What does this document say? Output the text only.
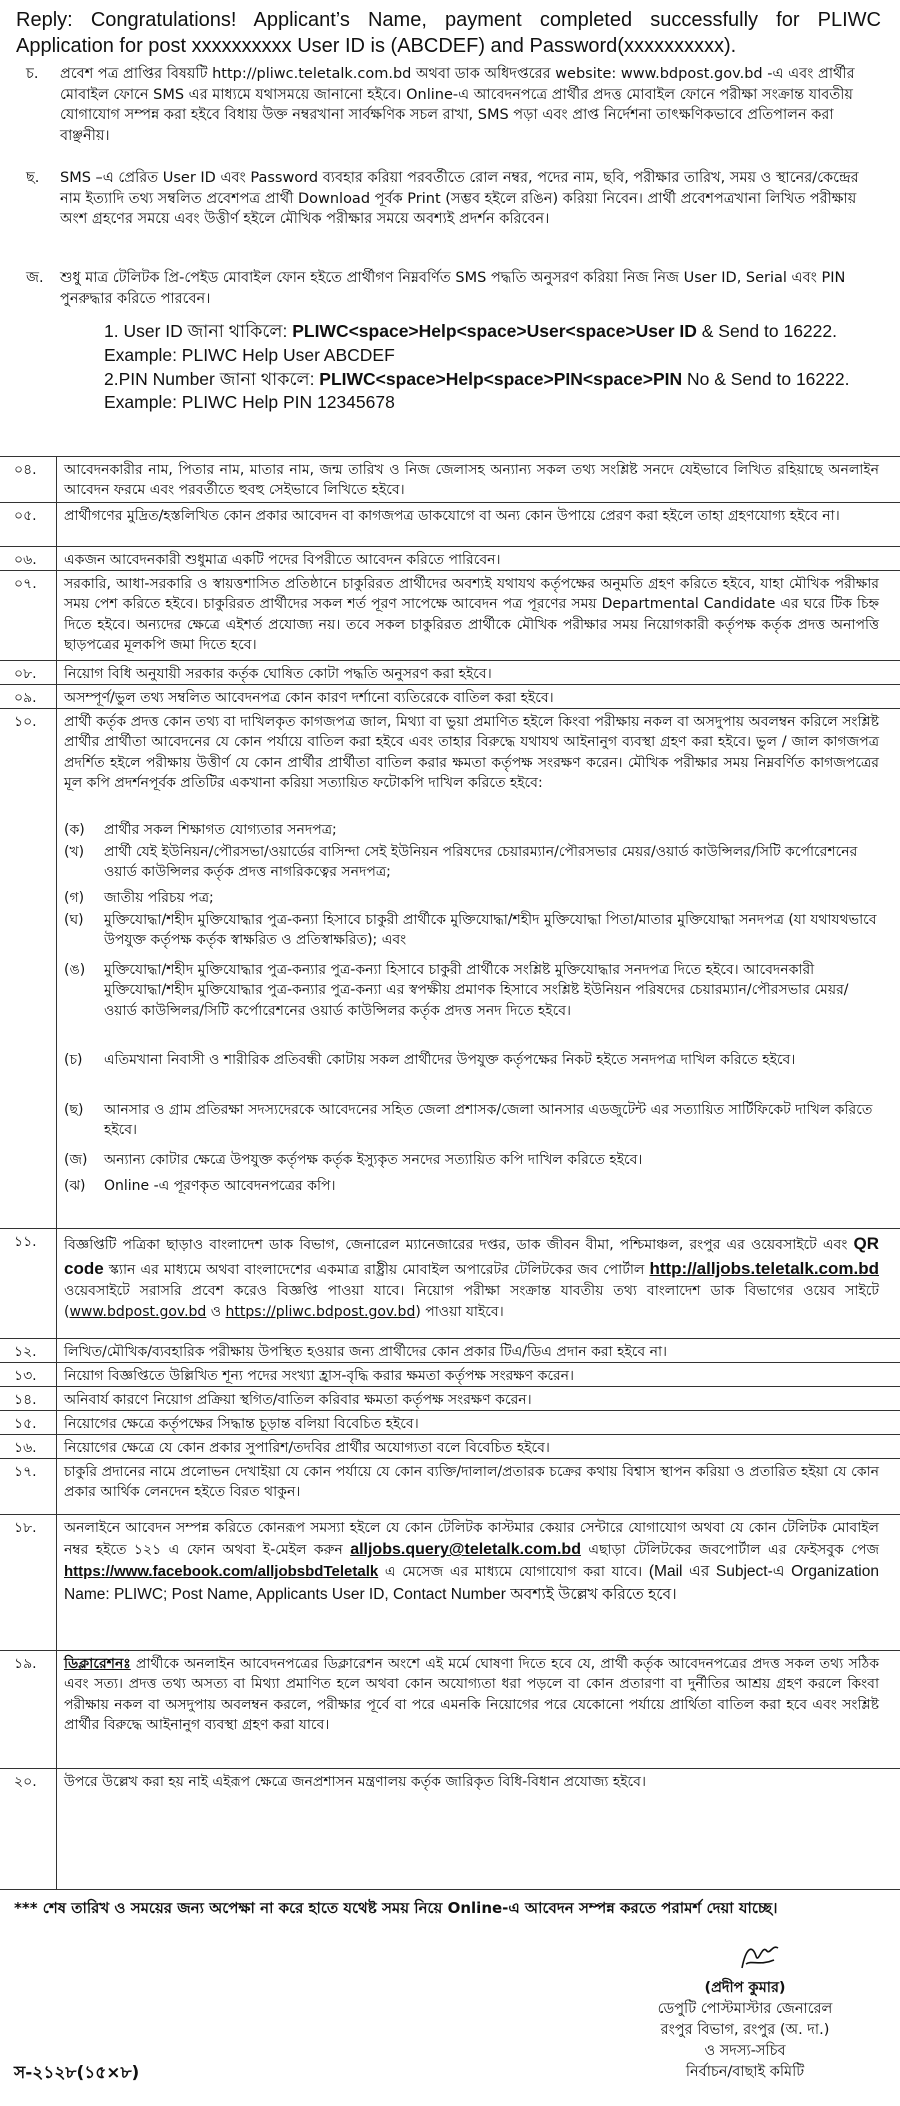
Reply: Congratulations! Applicant’s Name, payment completed successfully for PLIWC Application for post xxxxxxxxxx User ID is (ABCDEF) and Password(xxxxxxxxxx).
চ. প্রবেশ পত্র প্রাপ্তির বিষয়টি http://pliwc.teletalk.com.bd অথবা ডাক অধিদপ্তরের website: www.bdpost.gov.bd -এ এবং প্রার্থীর মোবাইল ফোনে SMS এর মাধ্যমে যথাসময়ে জানানো হইবে। Online-এ আবেদনপত্রে প্রার্থীর প্রদত্ত মোবাইল ফোনে পরীক্ষা সংক্রান্ত যাবতীয় যোগাযোগ সম্পন্ন করা হইবে বিধায় উক্ত নম্বরখানা সার্বক্ষণিক সচল রাখা, SMS পড়া এবং প্রাপ্ত নির্দেশনা তাৎক্ষণিকভাবে প্রতিপালন করা বাঞ্ছনীয়।
ছ. SMS –এ প্রেরিত User ID এবং Password ব্যবহার করিয়া পরবর্তীতে রোল নম্বর, পদের নাম, ছবি, পরীক্ষার তারিখ, সময় ও স্থানের/কেন্দ্রের নাম ইত্যাদি তথ্য সম্বলিত প্রবেশপত্র প্রার্থী Download পূর্বক Print (সম্ভব হইলে রঙিন) করিয়া নিবেন। প্রার্থী প্রবেশপত্রখানা লিখিত পরীক্ষায় অংশ গ্রহণের সময়ে এবং উত্তীর্ণ হইলে মৌখিক পরীক্ষার সময়ে অবশ্যই প্রদর্শন করিবেন।
জ. শুধু মাত্র টেলিটক প্রি-পেইড মোবাইল ফোন হইতে প্রার্থীগণ নিম্নবর্ণিত SMS পদ্ধতি অনুসরণ করিয়া নিজ নিজ User ID, Serial এবং PIN পুনরুদ্ধার করিতে পারবেন।
1. User ID জানা থাকিলে: PLIWC<space>Help<space>User<space>User ID & Send to 16222.
Example: PLIWC Help User ABCDEF
2.PIN Number জানা থাকলে: PLIWC<space>Help<space>PIN<space>PIN No & Send to 16222.
Example: PLIWC Help PIN 12345678
০৪.	আবেদনকারীর নাম, পিতার নাম, মাতার নাম, জন্ম তারিখ ও নিজ জেলাসহ অন্যান্য সকল তথ্য সংশ্লিষ্ট সনদে যেইভাবে লিখিত রহিয়াছে অনলাইন আবেদন ফরমে এবং পরবর্তীতে হুবহু সেইভাবে লিখিতে হইবে।
০৫.	প্রার্থীগণের মুদ্রিত/হস্তলিখিত কোন প্রকার আবেদন বা কাগজপত্র ডাকযোগে বা অন্য কোন উপায়ে প্রেরণ করা হইলে তাহা গ্রহণযোগ্য হইবে না।
০৬.	একজন আবেদনকারী শুধুমাত্র একটি পদের বিপরীতে আবেদন করিতে পারিবেন।
০৭.	সরকারি, আধা-সরকারি ও স্বায়ত্তশাসিত প্রতিষ্ঠানে চাকুরিরত প্রার্থীদের অবশ্যই যথাযথ কর্তৃপক্ষের অনুমতি গ্রহণ করিতে হইবে, যাহা মৌখিক পরীক্ষার সময় পেশ করিতে হইবে। চাকুরিরত প্রার্থীদের সকল শর্ত পূরণ সাপেক্ষে আবেদন পত্র পূরণের সময় Departmental Candidate এর ঘরে টিক চিহ্ন দিতে হইবে। অন্যদের ক্ষেত্রে এইশর্ত প্রযোজ্য নয়। তবে সকল চাকুরিরত প্রার্থীকে মৌখিক পরীক্ষার সময় নিয়োগকারী কর্তৃপক্ষ কর্তৃক প্রদত্ত অনাপত্তি ছাড়পত্রের মূলকপি জমা দিতে হবে।
০৮.	নিয়োগ বিধি অনুযায়ী সরকার কর্তৃক ঘোষিত কোটা পদ্ধতি অনুসরণ করা হইবে।
০৯.	অসম্পূর্ণ/ভুল তথ্য সম্বলিত আবেদনপত্র কোন কারণ দর্শানো ব্যতিরেকে বাতিল করা হইবে।
১০.	প্রার্থী কর্তৃক প্রদত্ত কোন তথ্য বা দাখিলকৃত কাগজপত্র জাল, মিথ্যা বা ভুয়া প্রমাণিত হইলে কিংবা পরীক্ষায় নকল বা অসদুপায় অবলম্বন করিলে সংশ্লিষ্ট প্রার্থীর প্রার্থীতা আবেদনের যে কোন পর্যায়ে বাতিল করা হইবে এবং তাহার বিরুদ্ধে যথাযথ আইনানুগ ব্যবস্থা গ্রহণ করা হইবে। ভুল / জাল কাগজপত্র প্রদর্শিত হইলে পরীক্ষায় উত্তীর্ণ যে কোন প্রার্থীর প্রার্থীতা বাতিল করার ক্ষমতা কর্তৃপক্ষ সংরক্ষণ করেন। মৌখিক পরীক্ষার সময় নিম্নবর্ণিত কাগজপত্রের মূল কপি প্রদর্শনপূর্বক প্রতিটির একখানা করিয়া সত্যায়িত ফটোকপি দাখিল করিতে হইবে:
(ক)	প্রার্থীর সকল শিক্ষাগত যোগ্যতার সনদপত্র;
(খ)	প্রার্থী যেই ইউনিয়ন/পৌরসভা/ওয়ার্ডের বাসিন্দা সেই ইউনিয়ন পরিষদের চেয়ারম্যান/পৌরসভার মেয়র/ওয়ার্ড কাউন্সিলর/সিটি কর্পোরেশনের ওয়ার্ড কাউন্সিলর কর্তৃক প্রদত্ত নাগরিকত্বের সনদপত্র;
(গ)	জাতীয় পরিচয় পত্র;
(ঘ)	মুক্তিযোদ্ধা/শহীদ মুক্তিযোদ্ধার পুত্র-কন্যা হিসাবে চাকুরী প্রার্থীকে মুক্তিযোদ্ধা/শহীদ মুক্তিযোদ্ধা পিতা/মাতার মুক্তিযোদ্ধা সনদপত্র (যা যথাযথভাবে উপযুক্ত কর্তৃপক্ষ কর্তৃক স্বাক্ষরিত ও প্রতিস্বাক্ষরিত); এবং
(ঙ)	মুক্তিযোদ্ধা/শহীদ মুক্তিযোদ্ধার পুত্র-কন্যার পুত্র-কন্যা হিসাবে চাকুরী প্রার্থীকে সংশ্লিষ্ট মুক্তিযোদ্ধার সনদপত্র দিতে হইবে। আবেদনকারী মুক্তিযোদ্ধা/শহীদ মুক্তিযোদ্ধার পুত্র-কন্যার পুত্র-কন্যা এর স্বপক্ষীয় প্রমাণক হিসাবে সংশ্লিষ্ট ইউনিয়ন পরিষদের চেয়ারম্যান/পৌরসভার মেয়র/ওয়ার্ড কাউন্সিলর/সিটি কর্পোরেশনের ওয়ার্ড কাউন্সিলর কর্তৃক প্রদত্ত সনদ দিতে হইবে।
(চ)	এতিমখানা নিবাসী ও শারীরিক প্রতিবন্ধী কোটায় সকল প্রার্থীদের উপযুক্ত কর্তৃপক্ষের নিকট হইতে সনদপত্র দাখিল করিতে হইবে।
(ছ)	আনসার ও গ্রাম প্রতিরক্ষা সদস্যদেরকে আবেদনের সহিত জেলা প্রশাসক/জেলা আনসার এডজুটেন্ট এর সত্যায়িত সার্টিফিকেট দাখিল করিতে হইবে।
(জ)	অন্যান্য কোটার ক্ষেত্রে উপযুক্ত কর্তৃপক্ষ কর্তৃক ইস্যুকৃত সনদের সত্যায়িত কপি দাখিল করিতে হইবে।
(ঝ)	Online -এ পূরণকৃত আবেদনপত্রের কপি।
১১.	বিজ্ঞপ্তিটি পত্রিকা ছাড়াও বাংলাদেশ ডাক বিভাগ, জেনারেল ম্যানেজারের দপ্তর, ডাক জীবন বীমা, পশ্চিমাঞ্চল, রংপুর এর ওয়েবসাইটে এবং QR code স্ক্যান এর মাধ্যমে অথবা বাংলাদেশের একমাত্র রাষ্ট্রীয় মোবাইল অপারেটর টেলিটকের জব পোর্টাল http://alljobs.teletalk.com.bd ওয়েবসাইটে সরাসরি প্রবেশ করেও বিজ্ঞপ্তি পাওয়া যাবে। নিয়োগ পরীক্ষা সংক্রান্ত যাবতীয় তথ্য বাংলাদেশ ডাক বিভাগের ওয়েব সাইটে (www.bdpost.gov.bd ও https://pliwc.bdpost.gov.bd) পাওয়া যাইবে।
১২.	লিখিত/মৌখিক/ব্যবহারিক পরীক্ষায় উপস্থিত হওয়ার জন্য প্রার্থীদের কোন প্রকার টিএ/ডিএ প্রদান করা হইবে না।
১৩.	নিয়োগ বিজ্ঞপ্তিতে উল্লিখিত শূন্য পদের সংখ্যা হ্রাস-বৃদ্ধি করার ক্ষমতা কর্তৃপক্ষ সংরক্ষণ করেন।
১৪.	অনিবার্য কারণে নিয়োগ প্রক্রিয়া স্থগিত/বাতিল করিবার ক্ষমতা কর্তৃপক্ষ সংরক্ষণ করেন।
১৫.	নিয়োগের ক্ষেত্রে কর্তৃপক্ষের সিদ্ধান্ত চূড়ান্ত বলিয়া বিবেচিত হইবে।
১৬.	নিয়োগের ক্ষেত্রে যে কোন প্রকার সুপারিশ/তদবির প্রার্থীর অযোগ্যতা বলে বিবেচিত হইবে।
১৭.	চাকুরি প্রদানের নামে প্রলোভন দেখাইয়া যে কোন পর্যায়ে যে কোন ব্যক্তি/দালাল/প্রতারক চক্রের কথায় বিশ্বাস স্থাপন করিয়া ও প্রতারিত হইয়া যে কোন প্রকার আর্থিক লেনদেন হইতে বিরত থাকুন।
১৮.	অনলাইনে আবেদন সম্পন্ন করিতে কোনরূপ সমস্যা হইলে যে কোন টেলিটক কাস্টমার কেয়ার সেন্টারে যোগাযোগ অথবা যে কোন টেলিটক মোবাইল নম্বর হইতে ১২১ এ ফোন অথবা ই-মেইল করুন alljobs.query@teletalk.com.bd এছাড়া টেলিটকের জবপোর্টাল এর ফেইসবুক পেজ https://www.facebook.com/alljobsbdTeletalk এ মেসেজ এর মাধ্যমে যোগাযোগ করা যাবে। (Mail এর Subject-এ Organization Name: PLIWC; Post Name, Applicants User ID, Contact Number অবশ্যই উল্লেখ করিতে হবে।
১৯.	ডিক্লারেশনঃ প্রার্থীকে অনলাইন আবেদনপত্রের ডিক্লারেশন অংশে এই মর্মে ঘোষণা দিতে হবে যে, প্রার্থী কর্তৃক আবেদনপত্রের প্রদত্ত সকল তথ্য সঠিক এবং সত্য। প্রদত্ত তথ্য অসত্য বা মিথ্যা প্রমাণিত হলে অথবা কোন অযোগ্যতা ধরা পড়লে বা কোন প্রতারণা বা দুর্নীতির আশ্রয় গ্রহণ করলে কিংবা পরীক্ষায় নকল বা অসদুপায় অবলম্বন করলে, পরীক্ষার পূর্বে বা পরে এমনকি নিয়োগের পরে যেকোনো পর্যায়ে প্রার্থিতা বাতিল করা হবে এবং সংশ্লিষ্ট প্রার্থীর বিরুদ্ধে আইনানুগ ব্যবস্থা গ্রহণ করা যাবে।
২০.	উপরে উল্লেখ করা হয় নাই এইরূপ ক্ষেত্রে জনপ্রশাসন মন্ত্রণালয় কর্তৃক জারিকৃত বিধি-বিধান প্রযোজ্য হইবে।
*** শেষ তারিখ ও সময়ের জন্য অপেক্ষা না করে হাতে যথেষ্ট সময় নিয়ে Online-এ আবেদন সম্পন্ন করতে পরামর্শ দেয়া যাচ্ছে।
(প্রদীপ কুমার)
ডেপুটি পোস্টমাস্টার জেনারেল
রংপুর বিভাগ, রংপুর (অ. দা.)
ও সদস্য-সচিব
নির্বাচন/বাছাই কমিটি
স-২১২৮(১৫×৮)
